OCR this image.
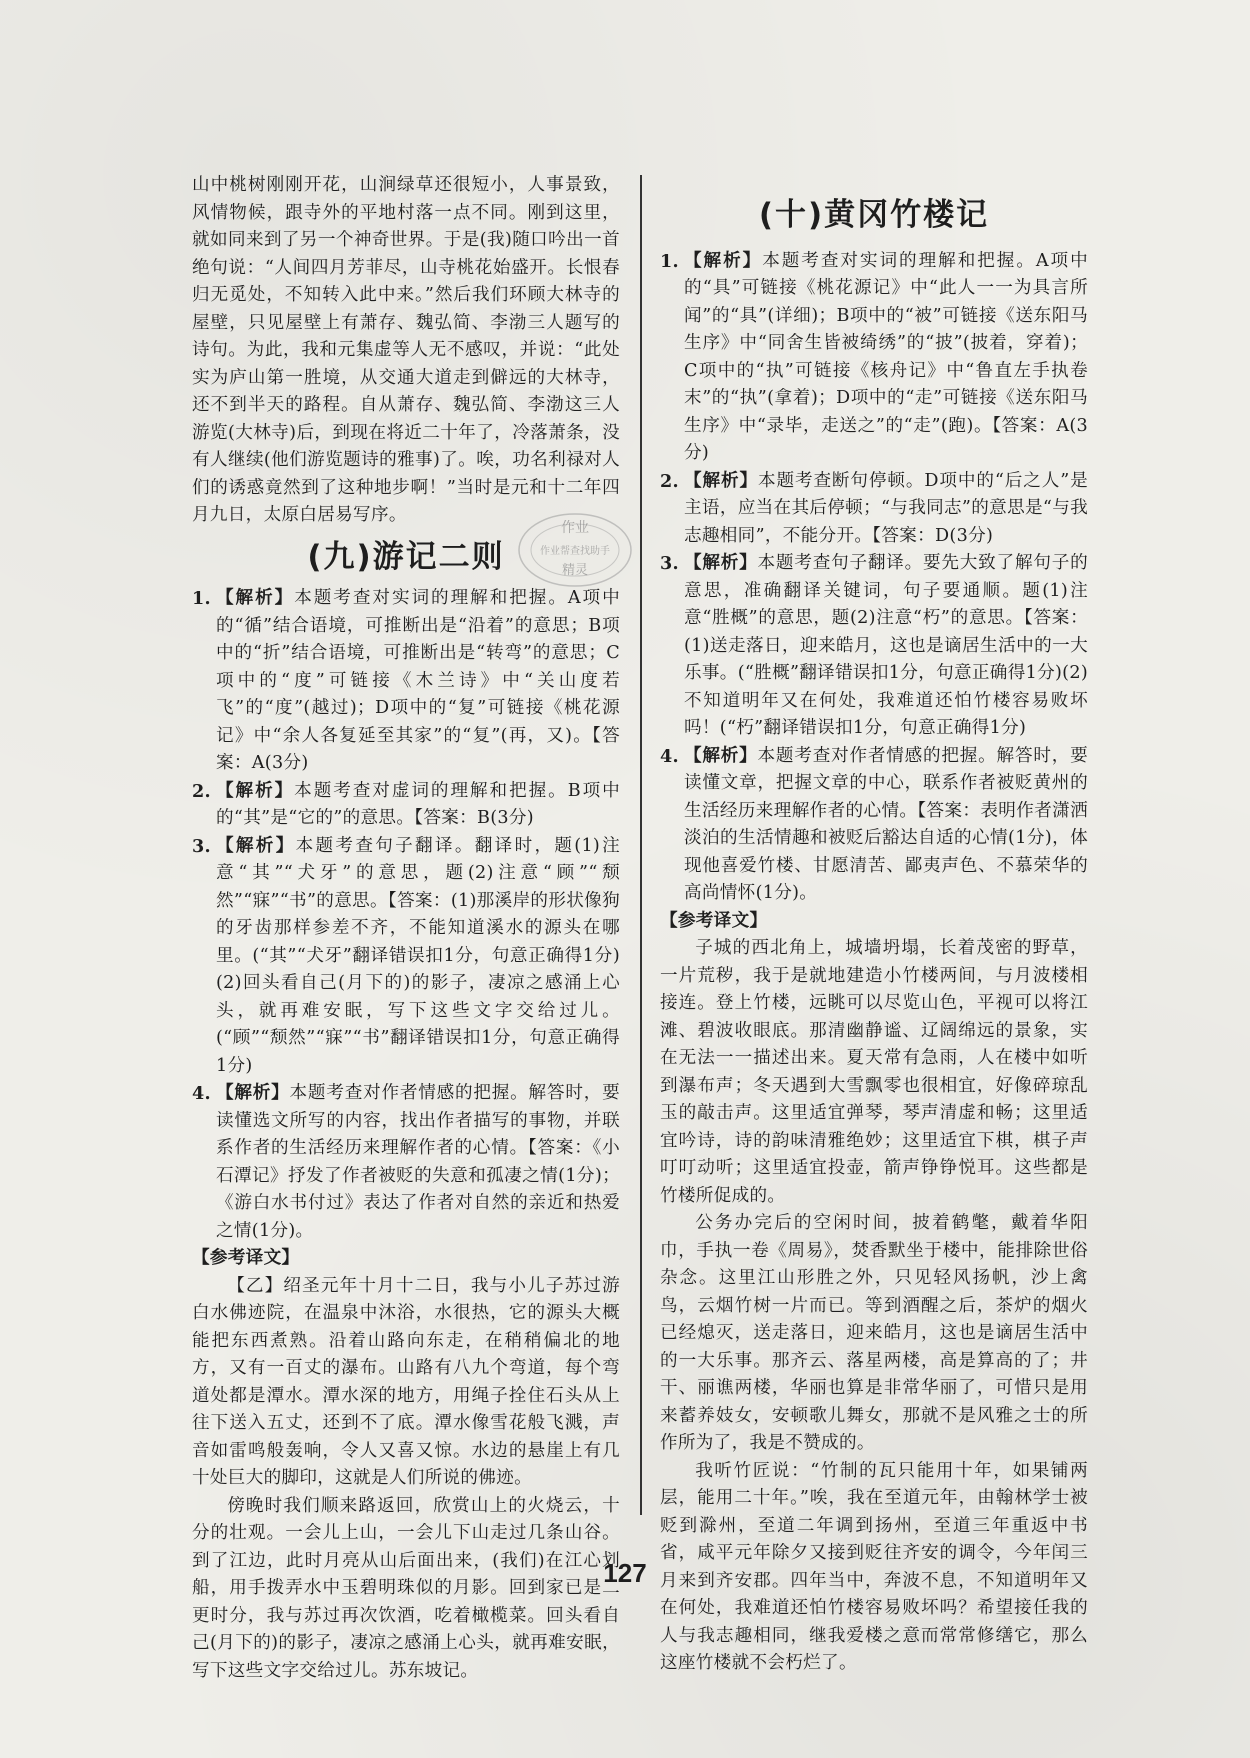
山中桃树刚刚开花，山涧绿草还很短小，人事景致，风情物候，跟寺外的平地村落一点不同。刚到这里，就如同来到了另一个神奇世界。于是(我)随口吟出一首绝句说：“人间四月芳菲尽，山寺桃花始盛开。长恨春归无觅处，不知转入此中来。”然后我们环顾大林寺的屋壁，只见屋壁上有萧存、魏弘简、李渤三人题写的诗句。为此，我和元集虚等人无不感叹，并说：“此处实为庐山第一胜境，从交通大道走到僻远的大林寺，还不到半天的路程。自从萧存、魏弘简、李渤这三人游览(大林寺)后，到现在将近二十年了，冷落萧条，没有人继续(他们游览题诗的雅事)了。唉，功名利禄对人们的诱惑竟然到了这种地步啊！”当时是元和十二年四月九日，太原白居易写序。

(九)游记二则

1. 【解析】本题考查对实词的理解和把握。A项中的“循”结合语境，可推断出是“沿着”的意思；B项中的“折”结合语境，可推断出是“转弯”的意思；C项中的“度”可链接《木兰诗》中“关山度若飞”的“度”(越过)；D项中的“复”可链接《桃花源记》中“余人各复延至其家”的“复”(再，又)。【答案：A(3分)

2. 【解析】本题考查对虚词的理解和把握。B项中的“其”是“它的”的意思。【答案：B(3分)

3. 【解析】本题考查句子翻译。翻译时，题(1)注意“其”“犬牙”的意思，题(2)注意“顾”“颓然”“寐”“书”的意思。【答案：(1)那溪岸的形状像狗的牙齿那样参差不齐，不能知道溪水的源头在哪里。(“其”“犬牙”翻译错误扣1分，句意正确得1分)(2)回头看自己(月下的)的影子，凄凉之感涌上心头，就再难安眠，写下这些文字交给过儿。(“顾”“颓然”“寐”“书”翻译错误扣1分，句意正确得1分)

4. 【解析】本题考查对作者情感的把握。解答时，要读懂选文所写的内容，找出作者描写的事物，并联系作者的生活经历来理解作者的心情。【答案：《小石潭记》抒发了作者被贬的失意和孤凄之情(1分)；《游白水书付过》表达了作者对自然的亲近和热爱之情(1分)。

【参考译文】

【乙】绍圣元年十月十二日，我与小儿子苏过游白水佛迹院，在温泉中沐浴，水很热，它的源头大概能把东西煮熟。沿着山路向东走，在稍稍偏北的地方，又有一百丈的瀑布。山路有八九个弯道，每个弯道处都是潭水。潭水深的地方，用绳子拴住石头从上往下送入五丈，还到不了底。潭水像雪花般飞溅，声音如雷鸣般轰响，令人又喜又惊。水边的悬崖上有几十处巨大的脚印，这就是人们所说的佛迹。

傍晚时我们顺来路返回，欣赏山上的火烧云，十分的壮观。一会儿上山，一会儿下山走过几条山谷。到了江边，此时月亮从山后面出来，(我们)在江心划船，用手拨弄水中玉碧明珠似的月影。回到家已是二更时分，我与苏过再次饮酒，吃着橄榄菜。回头看自己(月下的)的影子，凄凉之感涌上心头，就再难安眠，写下这些文字交给过儿。苏东坡记。

(十)黄冈竹楼记

1. 【解析】本题考查对实词的理解和把握。A项中的“具”可链接《桃花源记》中“此人一一为具言所闻”的“具”(详细)；B项中的“被”可链接《送东阳马生序》中“同舍生皆被绮绣”的“披”(披着，穿着)；C项中的“执”可链接《核舟记》中“鲁直左手执卷末”的“执”(拿着)；D项中的“走”可链接《送东阳马生序》中“录毕，走送之”的“走”(跑)。【答案：A(3分)

2. 【解析】本题考查断句停顿。D项中的“后之人”是主语，应当在其后停顿；“与我同志”的意思是“与我志趣相同”，不能分开。【答案：D(3分)

3. 【解析】本题考查句子翻译。要先大致了解句子的意思，准确翻译关键词，句子要通顺。题(1)注意“胜概”的意思，题(2)注意“朽”的意思。【答案：(1)送走落日，迎来皓月，这也是谪居生活中的一大乐事。(“胜概”翻译错误扣1分，句意正确得1分)(2)不知道明年又在何处，我难道还怕竹楼容易败坏吗！(“朽”翻译错误扣1分，句意正确得1分)

4. 【解析】本题考查对作者情感的把握。解答时，要读懂文章，把握文章的中心，联系作者被贬黄州的生活经历来理解作者的心情。【答案：表明作者潇洒淡泊的生活情趣和被贬后豁达自适的心情(1分)，体现他喜爱竹楼、甘愿清苦、鄙夷声色、不慕荣华的高尚情怀(1分)。

【参考译文】

子城的西北角上，城墙坍塌，长着茂密的野草，一片荒秽，我于是就地建造小竹楼两间，与月波楼相接连。登上竹楼，远眺可以尽览山色，平视可以将江滩、碧波收眼底。那清幽静谧、辽阔绵远的景象，实在无法一一描述出来。夏天常有急雨，人在楼中如听到瀑布声；冬天遇到大雪飘零也很相宜，好像碎琼乱玉的敲击声。这里适宜弹琴，琴声清虚和畅；这里适宜吟诗，诗的韵味清雅绝妙；这里适宜下棋，棋子声叮叮动听；这里适宜投壶，箭声铮铮悦耳。这些都是竹楼所促成的。

公务办完后的空闲时间，披着鹤氅，戴着华阳巾，手执一卷《周易》，焚香默坐于楼中，能排除世俗杂念。这里江山形胜之外，只见轻风扬帆，沙上禽鸟，云烟竹树一片而已。等到酒醒之后，茶炉的烟火已经熄灭，送走落日，迎来皓月，这也是谪居生活中的一大乐事。那齐云、落星两楼，高是算高的了；井干、丽谯两楼，华丽也算是非常华丽了，可惜只是用来蓄养妓女，安顿歌儿舞女，那就不是风雅之士的所作所为了，我是不赞成的。

我听竹匠说：“竹制的瓦只能用十年，如果铺两层，能用二十年。”唉，我在至道元年，由翰林学士被贬到滁州，至道二年调到扬州，至道三年重返中书省，咸平元年除夕又接到贬往齐安的调令，今年闰三月来到齐安郡。四年当中，奔波不息，不知道明年又在何处，我难道还怕竹楼容易败坏吗？希望接任我的人与我志趣相同，继我爱楼之意而常常修缮它，那么这座竹楼就不会朽烂了。

作业
作业帮查找助手
精灵
127
